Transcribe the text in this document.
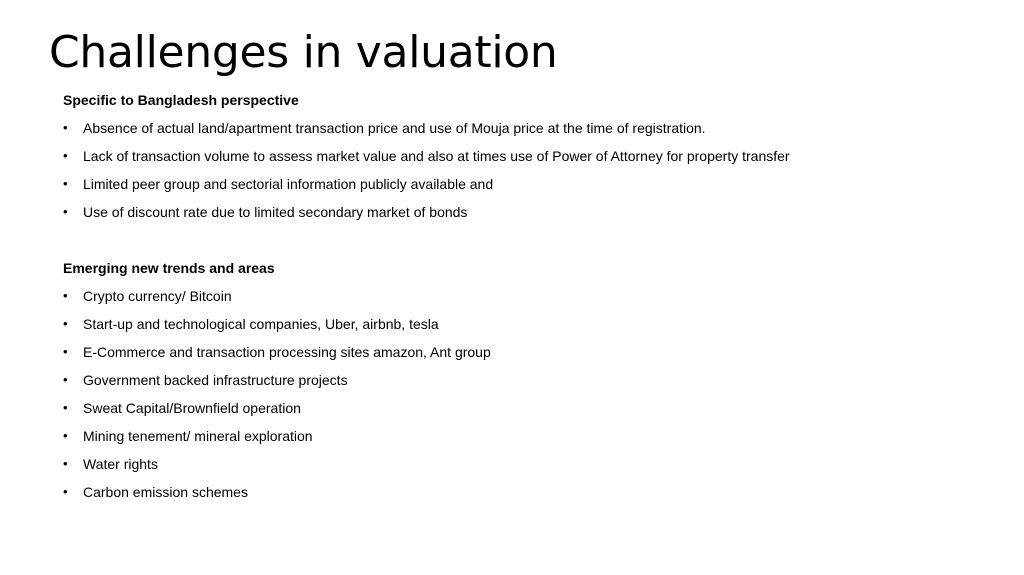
Challenges in valuation
Specific to Bangladesh perspective
•	Absence of actual land/apartment transaction price and use of Mouja price at the time of registration.
•	Lack of transaction volume to assess market value and also at times use of Power of Attorney for property transfer
•	Limited peer group and sectorial information publicly available and
•	Use of discount rate due to limited secondary market of bonds
Emerging new trends and areas
•	Crypto currency/ Bitcoin
•	Start-up and technological companies, Uber, airbnb, tesla
•	E-Commerce and transaction processing sites amazon, Ant group
•	Government backed infrastructure projects
•	Sweat Capital/Brownfield operation
•	Mining tenement/ mineral exploration
•	Water rights
•	Carbon emission schemes
